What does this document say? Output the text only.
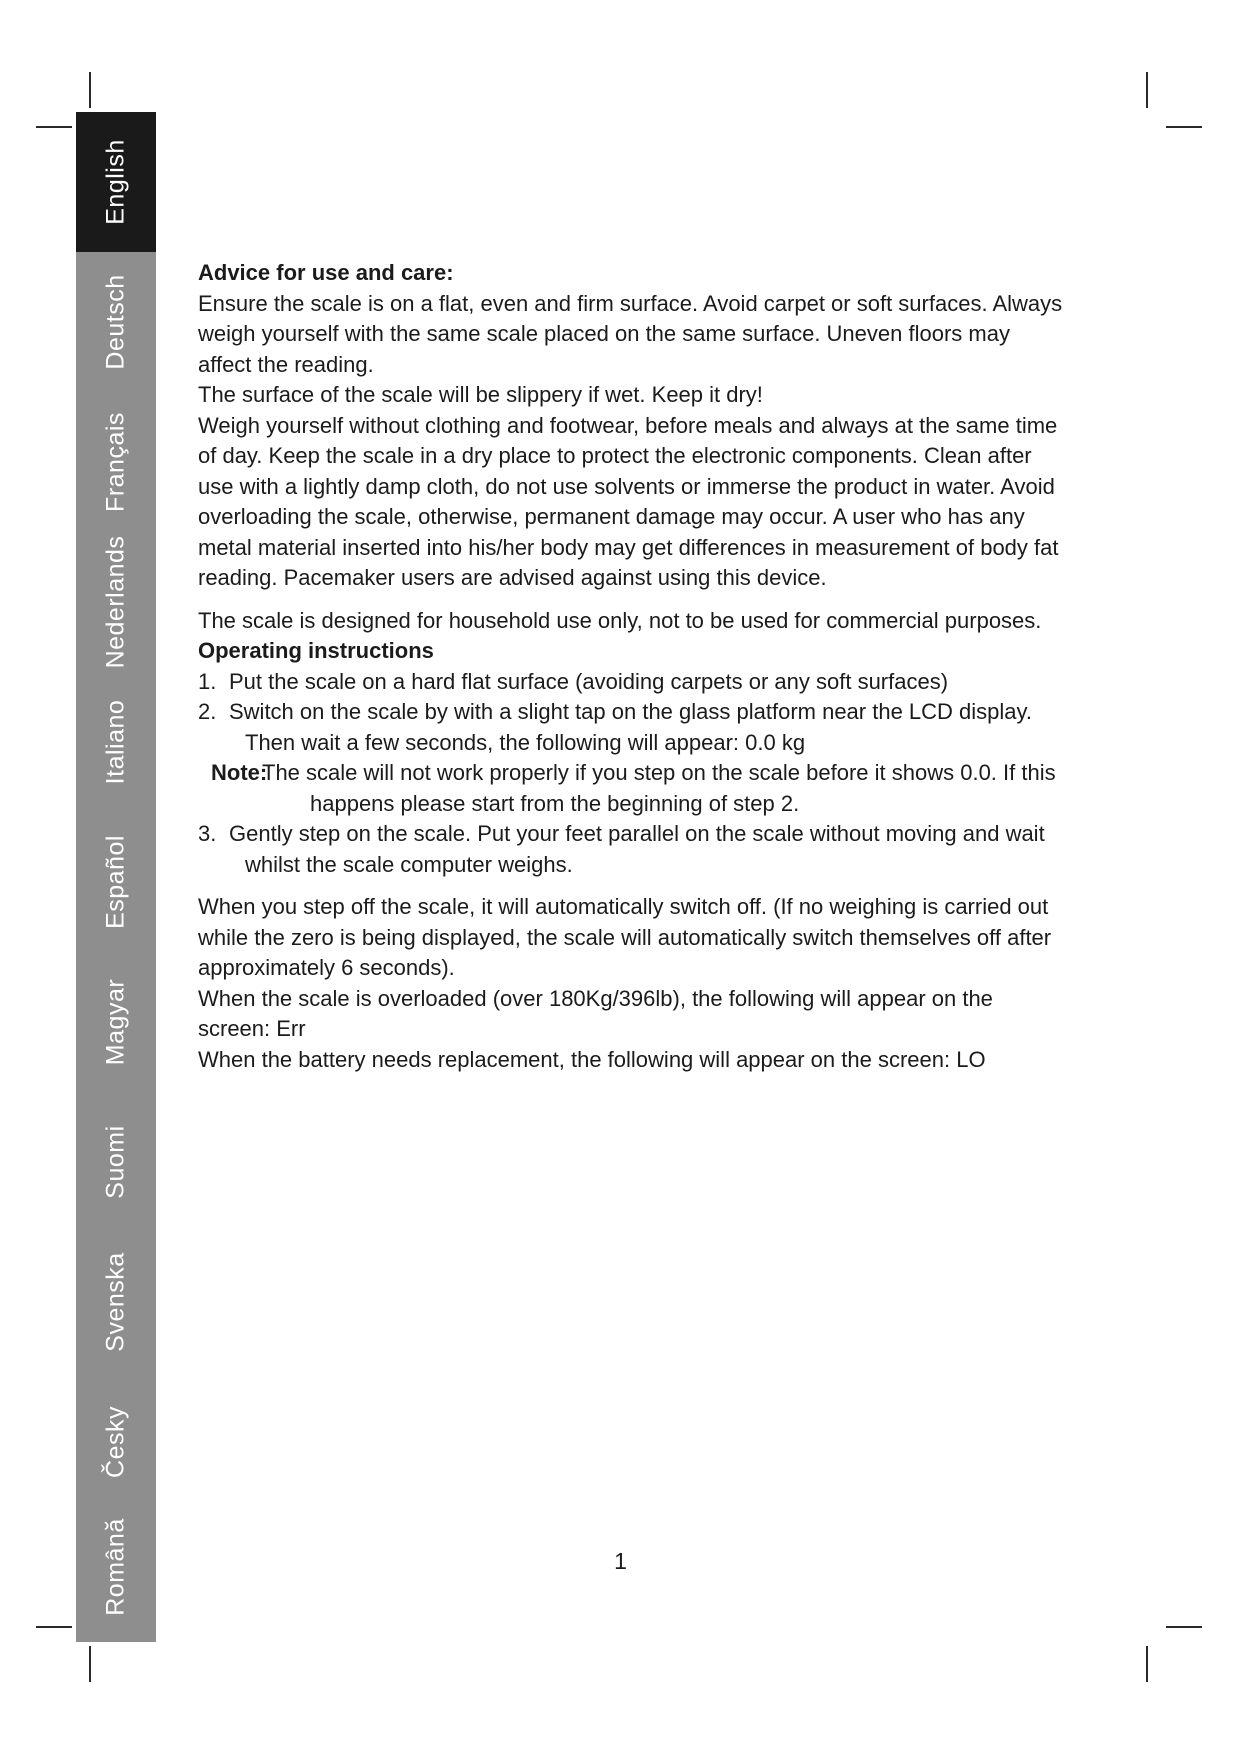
English
Deutsch
Français
Nederlands
Italiano
Español
Magyar
Suomi
Svenska
Česky
Română

Advice for use and care:

Ensure the scale is on a flat, even and firm surface. Avoid carpet or soft surfaces. Always weigh yourself with the same scale placed on the same surface. Uneven floors may affect the reading.

The surface of the scale will be slippery if wet. Keep it dry!

Weigh yourself without clothing and footwear, before meals and always at the same time of day. Keep the scale in a dry place to protect the electronic components. Clean after use with a lightly damp cloth, do not use solvents or immerse the product in water. Avoid overloading the scale, otherwise, permanent damage may occur. A user who has any metal material inserted into his/her body may get differences in measurement of body fat reading. Pacemaker users are advised against using this device.

The scale is designed for household use only, not to be used for commercial purposes.

Operating instructions

1. Put the scale on a hard flat surface (avoiding carpets or any soft surfaces)
2. Switch on the scale by with a slight tap on the glass platform near the LCD display. Then wait a few seconds, the following will appear: 0.0 kg
Note:
The scale will not work properly if you step on the scale before it shows 0.0. If this happens please start from the beginning of step 2.
3. Gently step on the scale. Put your feet parallel on the scale without moving and wait whilst the scale computer weighs.

When you step off the scale, it will automatically switch off. (If no weighing is carried out while the zero is being displayed, the scale will automatically switch themselves off after approximately 6 seconds).

When the scale is overloaded (over 180Kg/396lb), the following will appear on the screen: Err

When the battery needs replacement, the following will appear on the screen: LO

1
